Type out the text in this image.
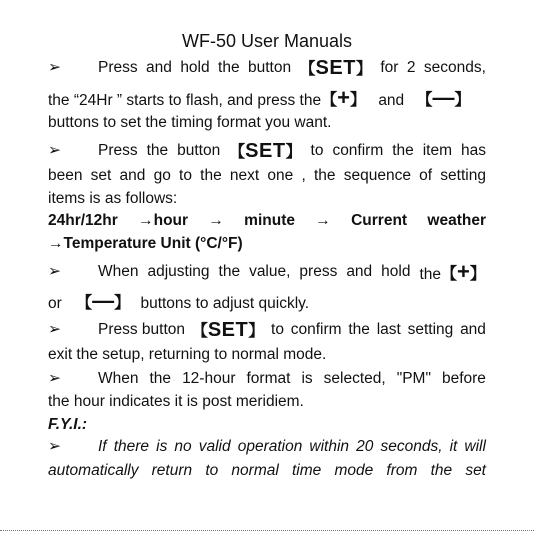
WF-50 User Manuals
➢ Press and hold the button 【SET】 for 2 seconds,
the “24Hr ” starts to flash, and press the【+】 and 【—】
buttons to set the timing format you want.
➢ Press the button 【SET】 to confirm the item has
been set and go to the next one , the sequence of setting
items is as follows:
24hr/12hr →hour → minute → Current weather
→Temperature Unit (°C/°F)
➢ When adjusting the value, press and hold the【+】
or 【—】 buttons to adjust quickly.
➢ Press button 【SET】 to confirm the last setting and
exit the setup, returning to normal mode.
➢ When the 12-hour format is selected, "PM" before
the hour indicates it is post meridiem.
F.Y.I.:
➢ If there is no valid operation within 20 seconds, it will
automatically return to normal time mode from the set
